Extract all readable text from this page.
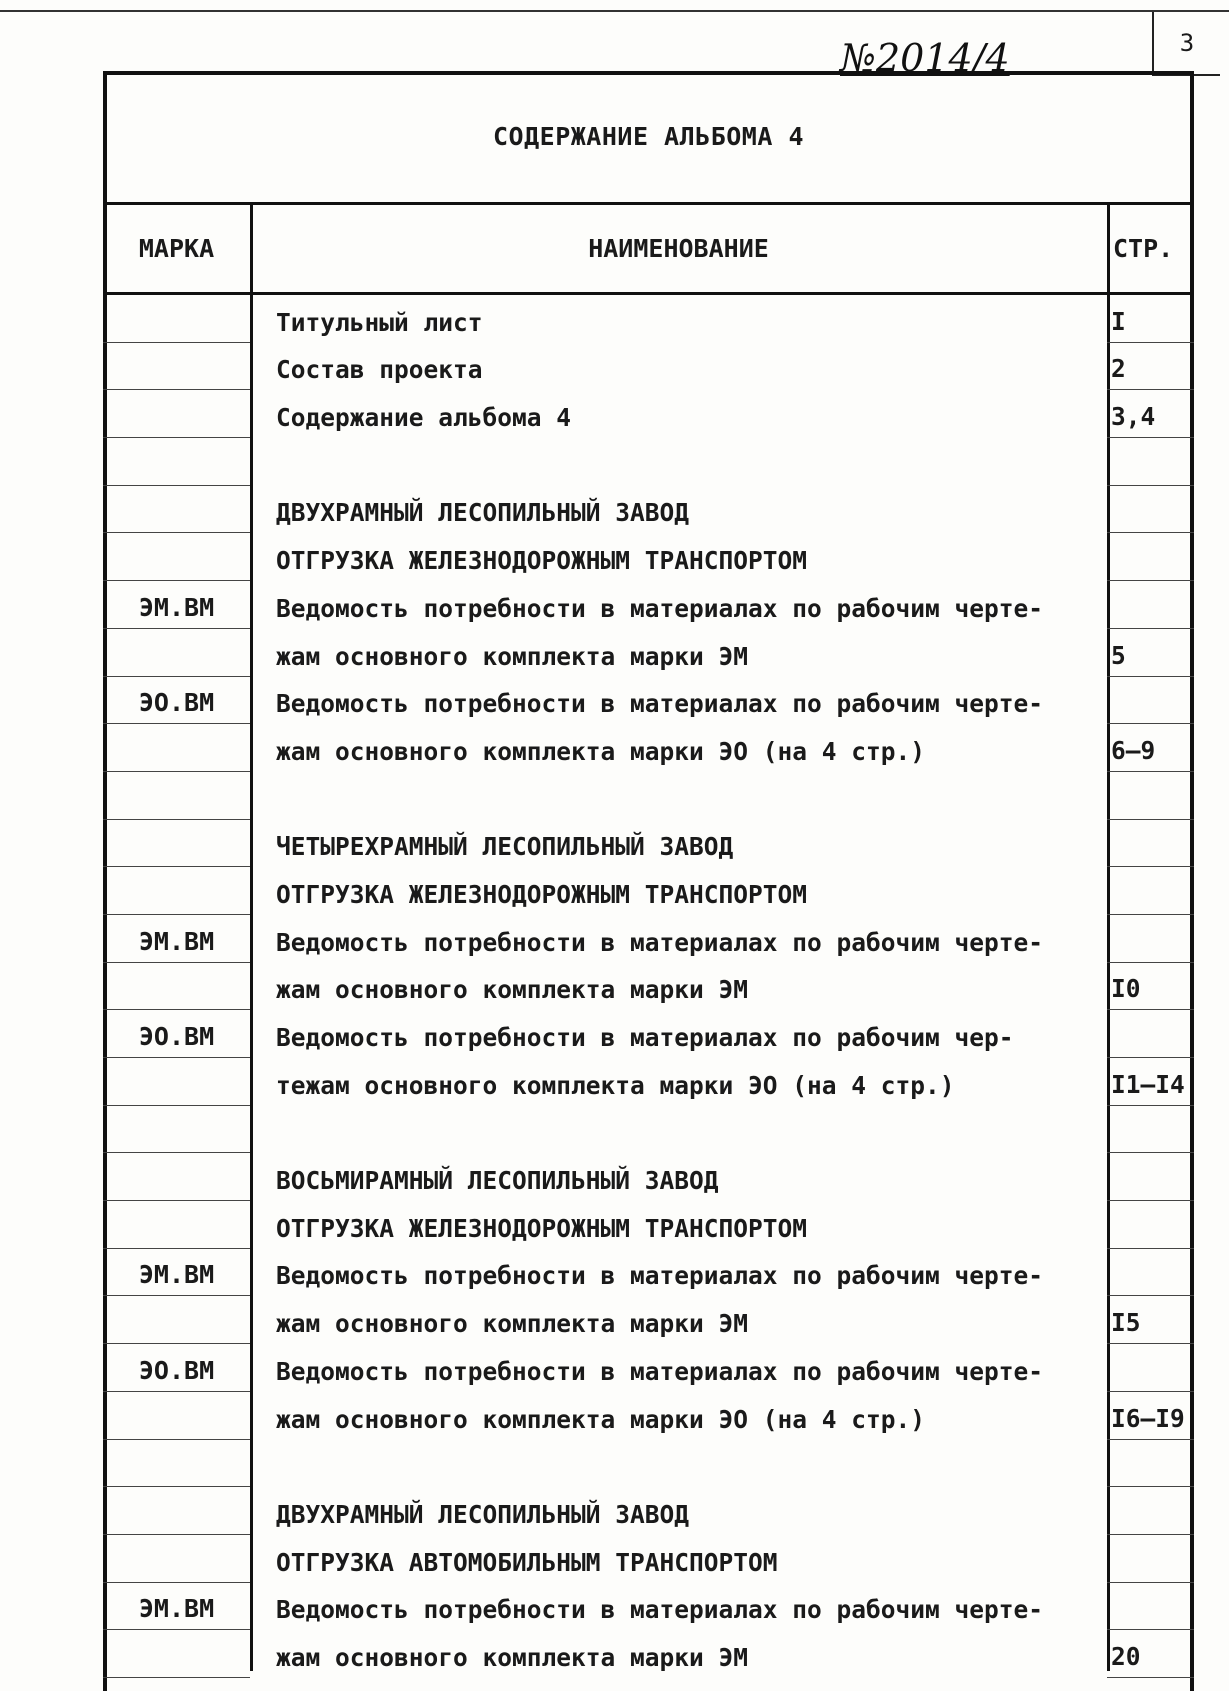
3
№2014/4
СОДЕРЖАНИЕ АЛЬБОМА 4
МАРКА	НАИМЕНОВАНИЕ	СТР.
Титульный лист	I
Состав проекта	2
Содержание альбома 4	3,4
ДВУХРАМНЫЙ ЛЕСОПИЛЬНЫЙ ЗАВОД
ОТГРУЗКА ЖЕЛЕЗНОДОРОЖНЫМ ТРАНСПОРТОМ
ЭМ.ВМ	Ведомость потребности в материалах по рабочим черте-
жам основного комплекта марки ЭМ	5
ЭО.ВМ	Ведомость потребности в материалах по рабочим черте-
жам основного комплекта марки ЭО (на 4 стр.)	6–9
ЧЕТЫРЕХРАМНЫЙ ЛЕСОПИЛЬНЫЙ ЗАВОД
ОТГРУЗКА ЖЕЛЕЗНОДОРОЖНЫМ ТРАНСПОРТОМ
ЭМ.ВМ	Ведомость потребности в материалах по рабочим черте-
жам основного комплекта марки ЭМ	I0
ЭО.ВМ	Ведомость потребности в материалах по рабочим чер-
тежам основного комплекта марки ЭО (на 4 стр.)	I1–I4
ВОСЬМИРАМНЫЙ ЛЕСОПИЛЬНЫЙ ЗАВОД
ОТГРУЗКА ЖЕЛЕЗНОДОРОЖНЫМ ТРАНСПОРТОМ
ЭМ.ВМ	Ведомость потребности в материалах по рабочим черте-
жам основного комплекта марки ЭМ	I5
ЭО.ВМ	Ведомость потребности в материалах по рабочим черте-
жам основного комплекта марки ЭО (на 4 стр.)	I6–I9
ДВУХРАМНЫЙ ЛЕСОПИЛЬНЫЙ ЗАВОД
ОТГРУЗКА АВТОМОБИЛЬНЫМ ТРАНСПОРТОМ
ЭМ.ВМ	Ведомость потребности в материалах по рабочим черте-
жам основного комплекта марки ЭМ	20
